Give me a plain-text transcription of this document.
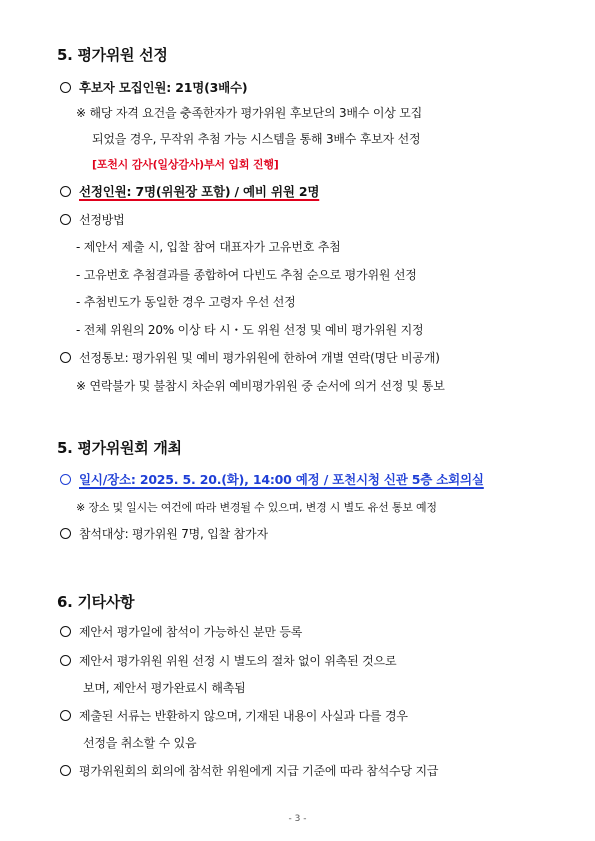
5. 평가위원 선정
후보자 모집인원: 21명(3배수)
※ 해당 자격 요건을 충족한자가 평가위원 후보단의 3배수 이상 모집
되었을 경우, 무작위 추첨 가능 시스템을 통해 3배수 후보자 선정
[포천시 감사(일상감사)부서 입회 진행]
선정인원: 7명(위원장 포함) / 예비 위원 2명
선정방법
- 제안서 제출 시, 입찰 참여 대표자가 고유번호 추첨
- 고유번호 추첨결과를 종합하여 다빈도 추첨 순으로 평가위원 선정
- 추첨빈도가 동일한 경우 고령자 우선 선정
- 전체 위원의 20% 이상 타 시・도 위원 선정 및 예비 평가위원 지정
선정통보: 평가위원 및 예비 평가위원에 한하여 개별 연락(명단 비공개)
※ 연락불가 및 불참시 차순위 예비평가위원 중 순서에 의거 선정 및 통보
5. 평가위원회 개최
일시/장소: 2025. 5. 20.(화), 14:00 예정 / 포천시청 신관 5층 소회의실
※ 장소 및 일시는 여건에 따라 변경될 수 있으며, 변경 시 별도 유선 통보 예정
참석대상: 평가위원 7명, 입찰 참가자
6. 기타사항
제안서 평가일에 참석이 가능하신 분만 등록
제안서 평가위원 위원 선정 시 별도의 절차 없이 위촉된 것으로
보며, 제안서 평가완료시 해촉됨
제출된 서류는 반환하지 않으며, 기재된 내용이 사실과 다를 경우
선정을 취소할 수 있음
평가위원회의 회의에 참석한 위원에게 지급 기준에 따라 참석수당 지급
- 3 -
